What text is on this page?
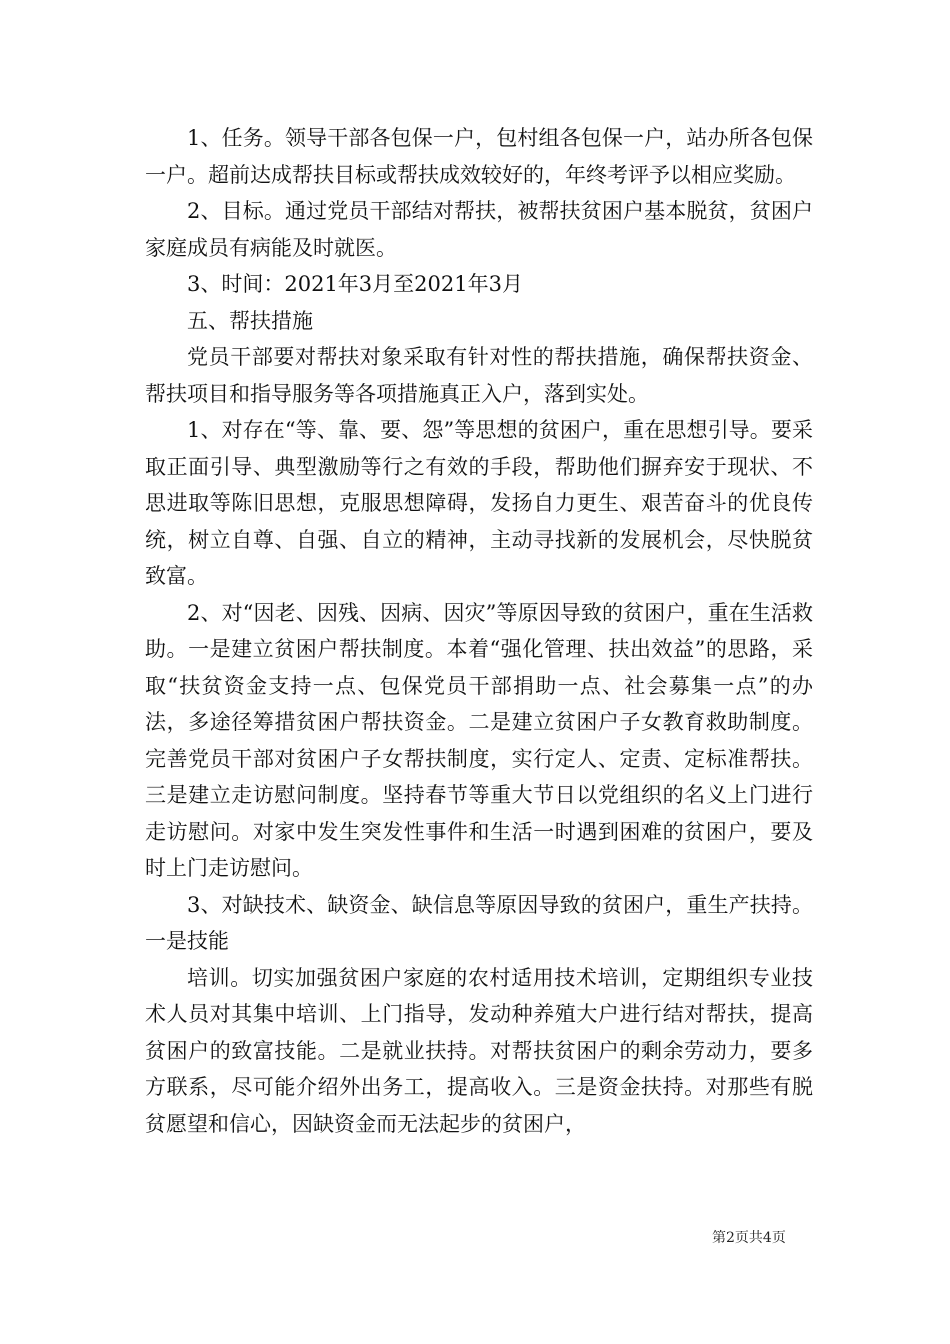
1、任务。领导干部各包保一户，包村组各包保一户，站办所各包保一户。超前达成帮扶目标或帮扶成效较好的，年终考评予以相应奖励。

2、目标。通过党员干部结对帮扶，被帮扶贫困户基本脱贫，贫困户家庭成员有病能及时就医。

3、时间：2021年3月至2021年3月

五、帮扶措施

党员干部要对帮扶对象采取有针对性的帮扶措施，确保帮扶资金、帮扶项目和指导服务等各项措施真正入户，落到实处。

1、对存在“等、靠、要、怨”等思想的贫困户，重在思想引导。要采取正面引导、典型激励等行之有效的手段，帮助他们摒弃安于现状、不思进取等陈旧思想，克服思想障碍，发扬自力更生、艰苦奋斗的优良传统，树立自尊、自强、自立的精神，主动寻找新的发展机会，尽快脱贫致富。

2、对“因老、因残、因病、因灾”等原因导致的贫困户，重在生活救助。一是建立贫困户帮扶制度。本着“强化管理、扶出效益”的思路，采取“扶贫资金支持一点、包保党员干部捐助一点、社会募集一点”的办法，多途径筹措贫困户帮扶资金。二是建立贫困户子女教育救助制度。完善党员干部对贫困户子女帮扶制度，实行定人、定责、定标准帮扶。三是建立走访慰问制度。坚持春节等重大节日以党组织的名义上门进行走访慰问。对家中发生突发性事件和生活一时遇到困难的贫困户，要及时上门走访慰问。

3、对缺技术、缺资金、缺信息等原因导致的贫困户，重生产扶持。一是技能

培训。切实加强贫困户家庭的农村适用技术培训，定期组织专业技术人员对其集中培训、上门指导，发动种养殖大户进行结对帮扶，提高贫困户的致富技能。二是就业扶持。对帮扶贫困户的剩余劳动力，要多方联系，尽可能介绍外出务工，提高收入。三是资金扶持。对那些有脱贫愿望和信心，因缺资金而无法起步的贫困户，

第2页共4页
